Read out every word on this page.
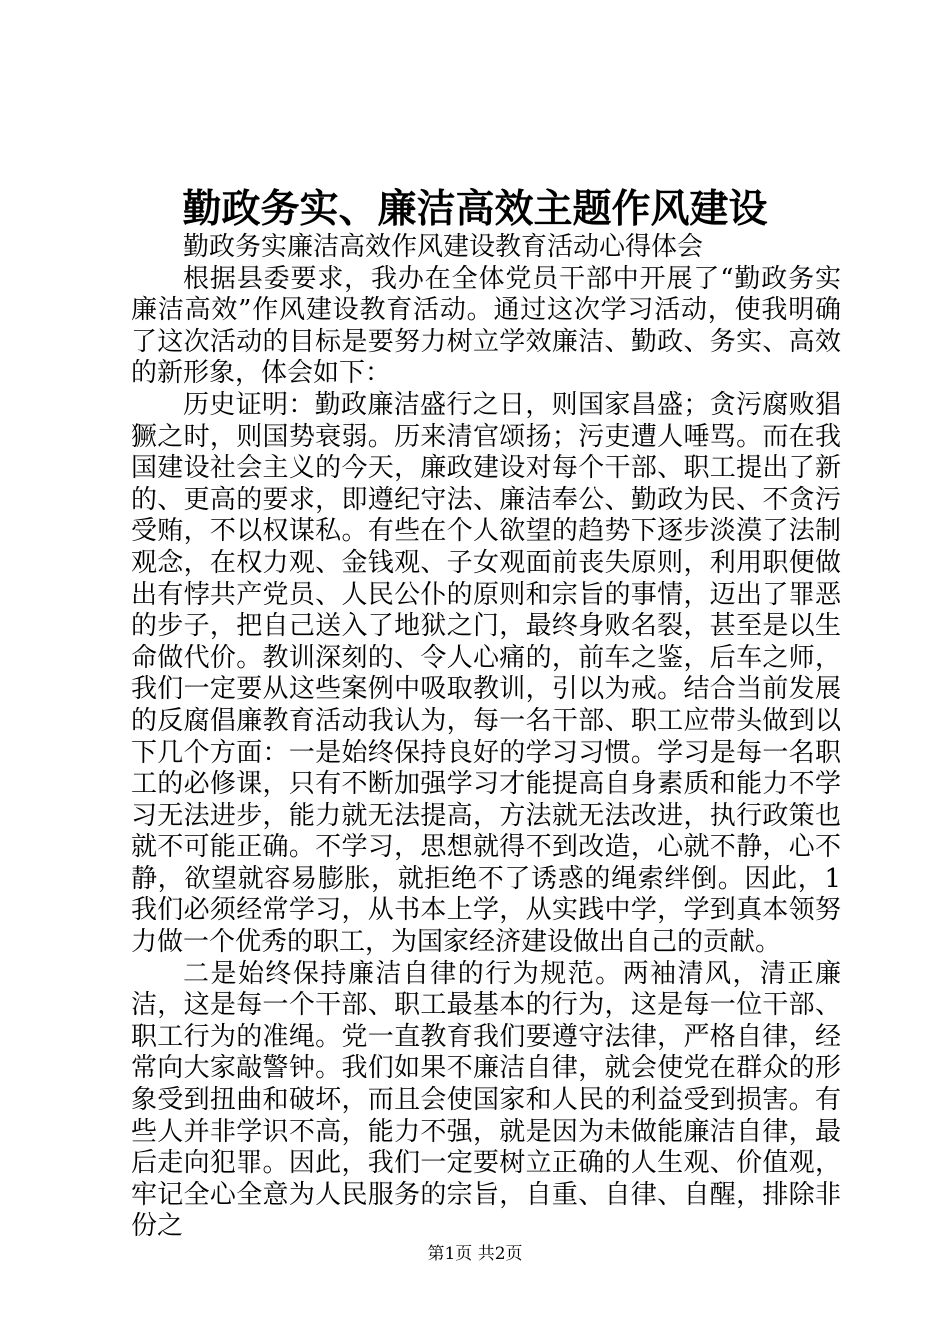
勤政务实、廉洁高效主题作风建设

勤政务实廉洁高效作风建设教育活动心得体会

根据县委要求，我办在全体党员干部中开展了“勤政务实廉洁高效”作风建设教育活动。通过这次学习活动，使我明确了这次活动的目标是要努力树立学效廉洁、勤政、务实、高效的新形象，体会如下：

历史证明：勤政廉洁盛行之日，则国家昌盛；贪污腐败猖獗之时，则国势衰弱。历来清官颂扬；污吏遭人唾骂。而在我国建设社会主义的今天，廉政建设对每个干部、职工提出了新的、更高的要求，即遵纪守法、廉洁奉公、勤政为民、不贪污受贿，不以权谋私。有些在个人欲望的趋势下逐步淡漠了法制观念，在权力观、金钱观、子女观面前丧失原则，利用职便做出有悖共产党员、人民公仆的原则和宗旨的事情，迈出了罪恶的步子，把自己送入了地狱之门，最终身败名裂，甚至是以生命做代价。教训深刻的、令人心痛的，前车之鉴，后车之师，我们一定要从这些案例中吸取教训，引以为戒。结合当前发展的反腐倡廉教育活动我认为，每一名干部、职工应带头做到以下几个方面：一是始终保持良好的学习习惯。学习是每一名职工的必修课，只有不断加强学习才能提高自身素质和能力不学习无法进步，能力就无法提高，方法就无法改进，执行政策也就不可能正确。不学习，思想就得不到改造，心就不静，心不静，欲望就容易膨胀，就拒绝不了诱惑的绳索绊倒。因此，1我们必须经常学习，从书本上学，从实践中学，学到真本领努力做一个优秀的职工，为国家经济建设做出自己的贡献。

二是始终保持廉洁自律的行为规范。两袖清风，清正廉洁，这是每一个干部、职工最基本的行为，这是每一位干部、职工行为的准绳。党一直教育我们要遵守法律，严格自律，经常向大家敲警钟。我们如果不廉洁自律，就会使党在群众的形象受到扭曲和破坏，而且会使国家和人民的利益受到损害。有些人并非学识不高，能力不强，就是因为未做能廉洁自律，最后走向犯罪。因此，我们一定要树立正确的人生观、价值观，牢记全心全意为人民服务的宗旨，自重、自律、自醒，排除非份之

第1页 共2页
